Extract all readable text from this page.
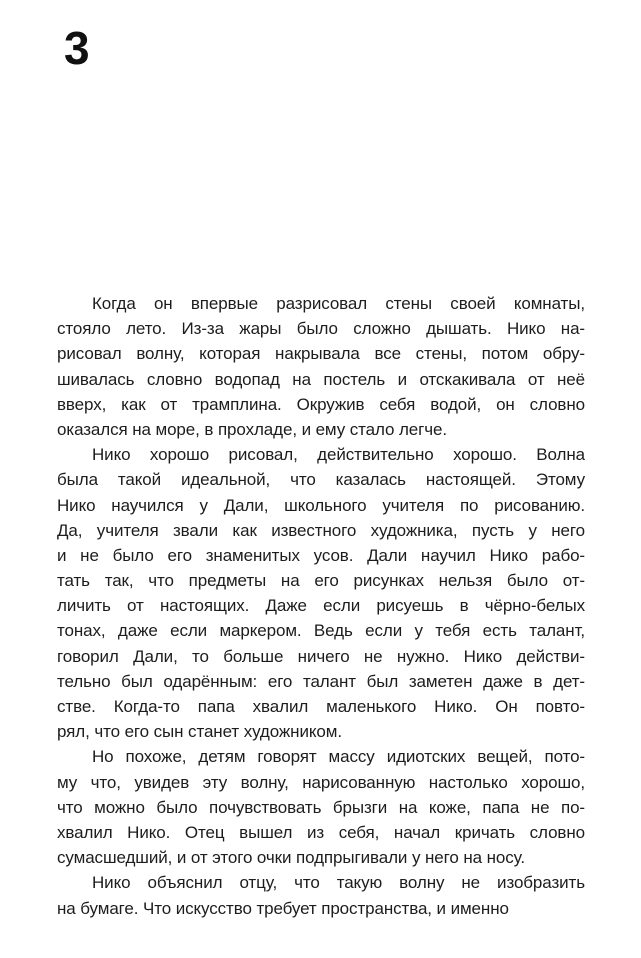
3
Когда он впервые разрисовал стены своей комнаты,
стояло лето. Из-за жары было сложно дышать. Нико на-
рисовал волну, которая накрывала все стены, потом обру-
шивалась словно водопад на постель и отскакивала от неё
вверх, как от трамплина. Окружив себя водой, он словно
оказался на море, в прохладе, и ему стало легче.
Нико хорошо рисовал, действительно хорошо. Волна
была такой идеальной, что казалась настоящей. Этому
Нико научился у Дали, школьного учителя по рисованию.
Да, учителя звали как известного художника, пусть у него
и не было его знаменитых усов. Дали научил Нико рабо-
тать так, что предметы на его рисунках нельзя было от-
личить от настоящих. Даже если рисуешь в чёрно-белых
тонах, даже если маркером. Ведь если у тебя есть талант,
говорил Дали, то больше ничего не нужно. Нико действи-
тельно был одарённым: его талант был заметен даже в дет-
стве. Когда-то папа хвалил маленького Нико. Он повто-
рял, что его сын станет художником.
Но похоже, детям говорят массу идиотских вещей, пото-
му что, увидев эту волну, нарисованную настолько хорошо,
что можно было почувствовать брызги на коже, папа не по-
хвалил Нико. Отец вышел из себя, начал кричать словно
сумасшедший, и от этого очки подпрыгивали у него на носу.
Нико объяснил отцу, что такую волну не изобразить
на бумаге. Что искусство требует пространства, и именно
